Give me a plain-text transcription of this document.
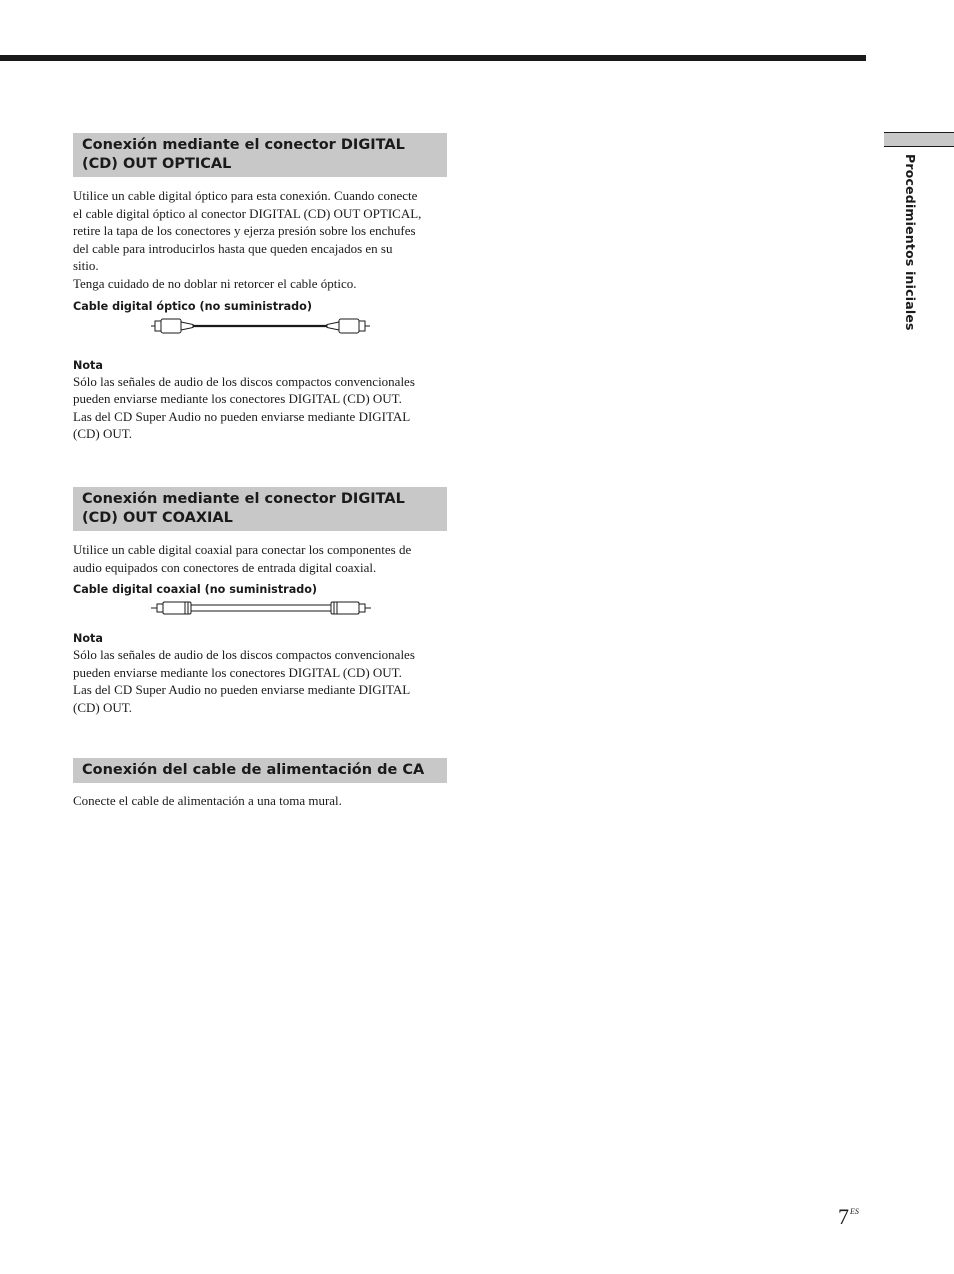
Procedimientos iniciales
Conexión mediante el conector DIGITAL (CD) OUT OPTICAL

Utilice un cable digital óptico para esta conexión. Cuando conecte
el cable digital óptico al conector DIGITAL (CD) OUT OPTICAL,
retire la tapa de los conectores y ejerza presión sobre los enchufes
del cable para introducirlos hasta que queden encajados en su
sitio.
Tenga cuidado de no doblar ni retorcer el cable óptico.

Cable digital óptico (no suministrado)

Nota

Sólo las señales de audio de los discos compactos convencionales
pueden enviarse mediante los conectores DIGITAL (CD) OUT.
Las del CD Super Audio no pueden enviarse mediante DIGITAL
(CD) OUT.

Conexión mediante el conector DIGITAL (CD) OUT COAXIAL

Utilice un cable digital coaxial para conectar los componentes de
audio equipados con conectores de entrada digital coaxial.

Cable digital coaxial (no suministrado)

Nota

Sólo las señales de audio de los discos compactos convencionales
pueden enviarse mediante los conectores DIGITAL (CD) OUT.
Las del CD Super Audio no pueden enviarse mediante DIGITAL
(CD) OUT.

Conexión del cable de alimentación de CA

Conecte el cable de alimentación a una toma mural.

$7^{ES}$
